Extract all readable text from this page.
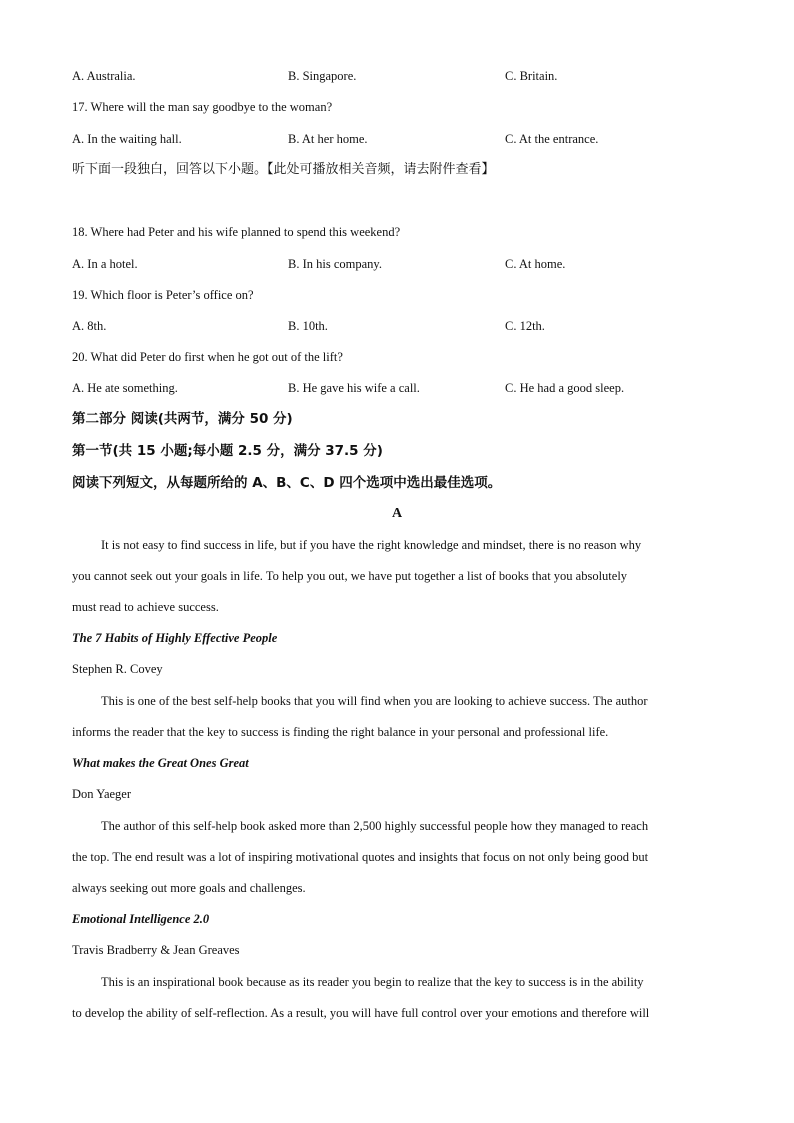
A. Australia.	B. Singapore.	C. Britain.
17. Where will the man say goodbye to the woman?
A. In the waiting hall.	B. At her home.	C. At the entrance.
听下面一段独白，回答以下小题。【此处可播放相关音频，请去附件查看】
18. Where had Peter and his wife planned to spend this weekend?
A. In a hotel.	B. In his company.	C. At home.
19. Which floor is Peter’s office on?
A. 8th.	B. 10th.	C. 12th.
20. What did Peter do first when he got out of the lift?
A. He ate something.	B. He gave his wife a call.	C. He had a good sleep.
第二部分 阅读(共两节，满分 50 分)
第一节(共 15 小题;每小题 2.5 分，满分 37.5 分)
阅读下列短文，从每题所给的 A、B、C、D 四个选项中选出最佳选项。
A
It is not easy to find success in life, but if you have the right knowledge and mindset, there is no reason why
you cannot seek out your goals in life. To help you out, we have put together a list of books that you absolutely
must read to achieve success.
The 7 Habits of Highly Effective People
Stephen R. Covey
This is one of the best self-help books that you will find when you are looking to achieve success. The author
informs the reader that the key to success is finding the right balance in your personal and professional life.
What makes the Great Ones Great
Don Yaeger
The author of this self-help book asked more than 2,500 highly successful people how they managed to reach
the top. The end result was a lot of inspiring motivational quotes and insights that focus on not only being good but
always seeking out more goals and challenges.
Emotional Intelligence 2.0
Travis Bradberry & Jean Greaves
This is an inspirational book because as its reader you begin to realize that the key to success is in the ability
to develop the ability of self-reflection. As a result, you will have full control over your emotions and therefore will
